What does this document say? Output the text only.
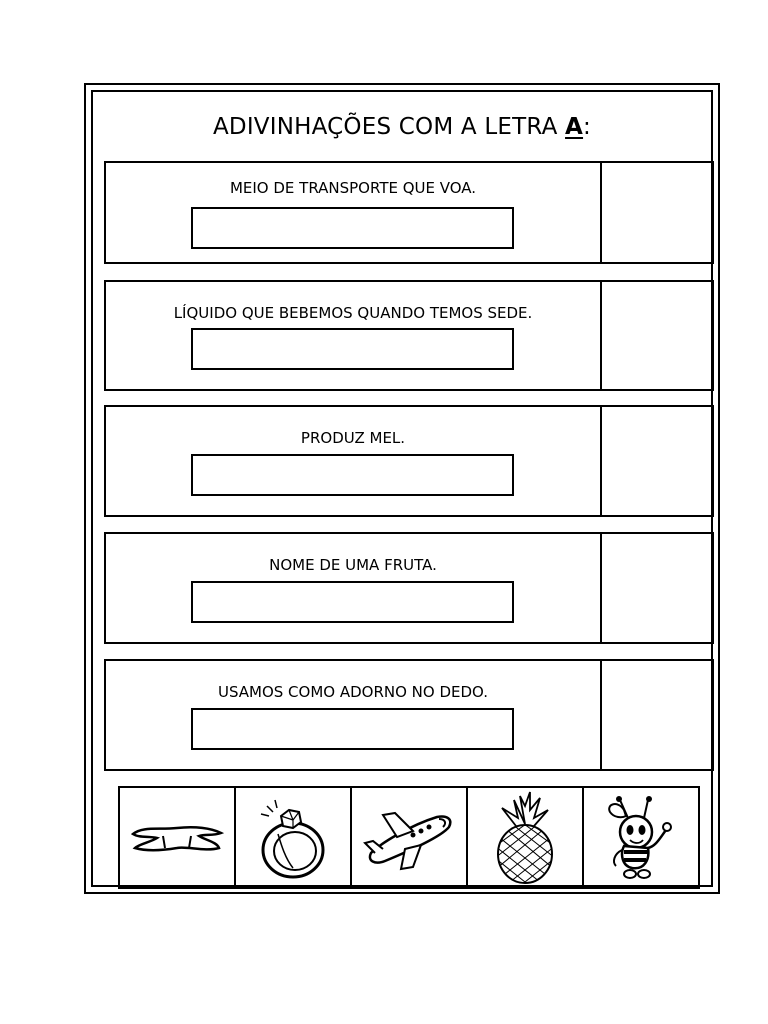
ADIVINHAÇÕES COM A LETRA A:
MEIO DE TRANSPORTE QUE VOA.
LÍQUIDO QUE BEBEMOS QUANDO TEMOS SEDE.
PRODUZ MEL.
NOME DE UMA FRUTA.
USAMOS COMO ADORNO NO DEDO.
